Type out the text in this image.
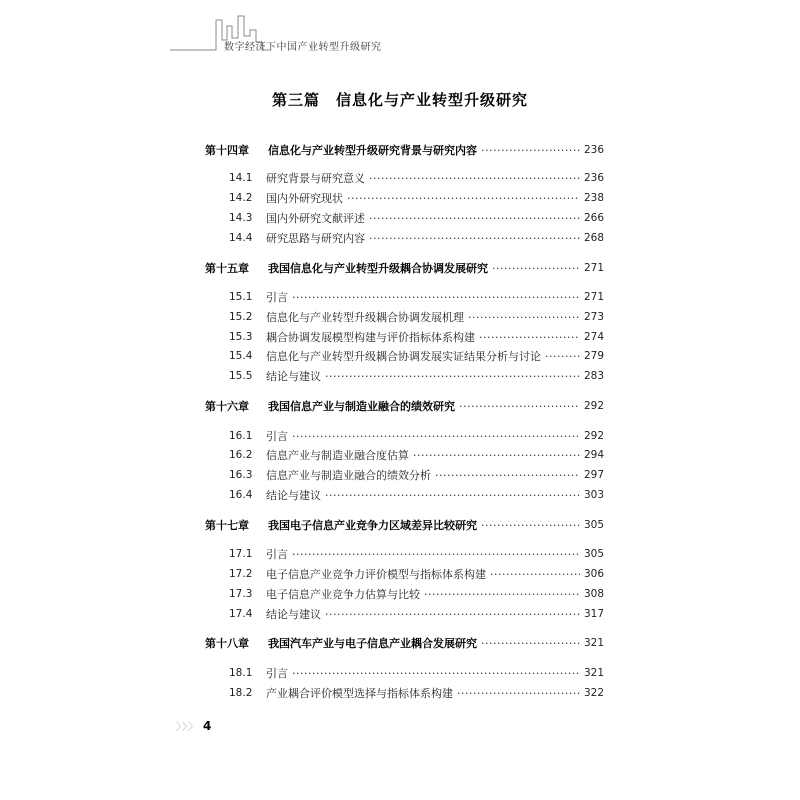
数字经济下中国产业转型升级研究
第三篇 信息化与产业转型升级研究
第十四章	信息化与产业转型升级研究背景与研究内容 ·····	236
14.1	研究背景与研究意义 ·····	236
14.2	国内外研究现状 ·····	238
14.3	国内外研究文献评述 ·····	266
14.4	研究思路与研究内容 ·····	268
第十五章	我国信息化与产业转型升级耦合协调发展研究 ·····	271
15.1	引言 ·····	271
15.2	信息化与产业转型升级耦合协调发展机理 ·····	273
15.3	耦合协调发展模型构建与评价指标体系构建 ·····	274
15.4	信息化与产业转型升级耦合协调发展实证结果分析与讨论 ·····	279
15.5	结论与建议 ·····	283
第十六章	我国信息产业与制造业融合的绩效研究 ·····	292
16.1	引言 ·····	292
16.2	信息产业与制造业融合度估算 ·····	294
16.3	信息产业与制造业融合的绩效分析 ·····	297
16.4	结论与建议 ·····	303
第十七章	我国电子信息产业竞争力区域差异比较研究 ·····	305
17.1	引言 ·····	305
17.2	电子信息产业竞争力评价模型与指标体系构建 ·····	306
17.3	电子信息产业竞争力估算与比较 ·····	308
17.4	结论与建议 ·····	317
第十八章	我国汽车产业与电子信息产业耦合发展研究 ·····	321
18.1	引言 ·····	321
18.2	产业耦合评价模型选择与指标体系构建 ·····	322
〉〉〉 4
